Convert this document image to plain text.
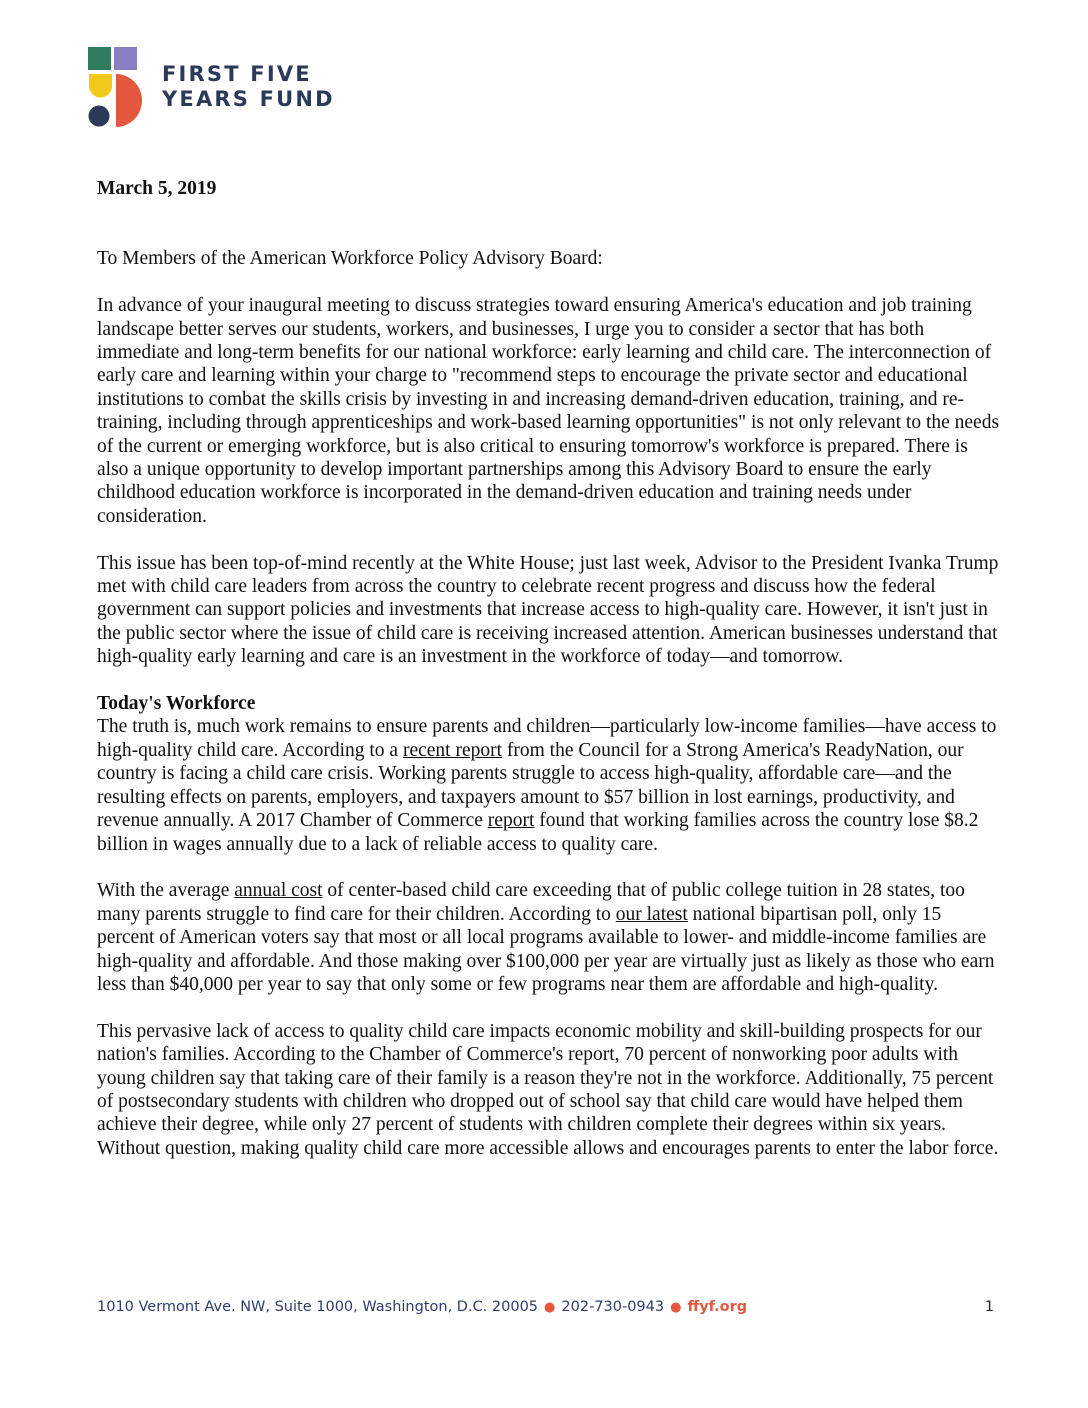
FIRST FIVE
YEARS FUND

March 5, 2019

To Members of the American Workforce Policy Advisory Board:

In advance of your inaugural meeting to discuss strategies toward ensuring America's education and job training landscape better serves our students, workers, and businesses, I urge you to consider a sector that has both immediate and long-term benefits for our national workforce: early learning and child care. The interconnection of early care and learning within your charge to "recommend steps to encourage the private sector and educational institutions to combat the skills crisis by investing in and increasing demand-driven education, training, and re-training, including through apprenticeships and work-based learning opportunities" is not only relevant to the needs of the current or emerging workforce, but is also critical to ensuring tomorrow's workforce is prepared. There is also a unique opportunity to develop important partnerships among this Advisory Board to ensure the early childhood education workforce is incorporated in the demand-driven education and training needs under consideration.

This issue has been top-of-mind recently at the White House; just last week, Advisor to the President Ivanka Trump met with child care leaders from across the country to celebrate recent progress and discuss how the federal government can support policies and investments that increase access to high-quality care. However, it isn't just in the public sector where the issue of child care is receiving increased attention. American businesses understand that high-quality early learning and care is an investment in the workforce of today—and tomorrow.

Today's Workforce

The truth is, much work remains to ensure parents and children—particularly low-income families—have access to high-quality child care. According to a recent report from the Council for a Strong America's ReadyNation, our country is facing a child care crisis. Working parents struggle to access high-quality, affordable care—and the resulting effects on parents, employers, and taxpayers amount to $57 billion in lost earnings, productivity, and revenue annually. A 2017 Chamber of Commerce report found that working families across the country lose $8.2 billion in wages annually due to a lack of reliable access to quality care.

With the average annual cost of center-based child care exceeding that of public college tuition in 28 states, too many parents struggle to find care for their children. According to our latest national bipartisan poll, only 15 percent of American voters say that most or all local programs available to lower- and middle-income families are high-quality and affordable. And those making over $100,000 per year are virtually just as likely as those who earn less than $40,000 per year to say that only some or few programs near them are affordable and high-quality.

This pervasive lack of access to quality child care impacts economic mobility and skill-building prospects for our nation's families. According to the Chamber of Commerce's report, 70 percent of nonworking poor adults with young children say that taking care of their family is a reason they're not in the workforce. Additionally, 75 percent of postsecondary students with children who dropped out of school say that child care would have helped them achieve their degree, while only 27 percent of students with children complete their degrees within six years. Without question, making quality child care more accessible allows and encourages parents to enter the labor force.

1010 Vermont Ave. NW, Suite 1000, Washington, D.C. 20005 ● 202-730-0943 ● ffyf.org	1
